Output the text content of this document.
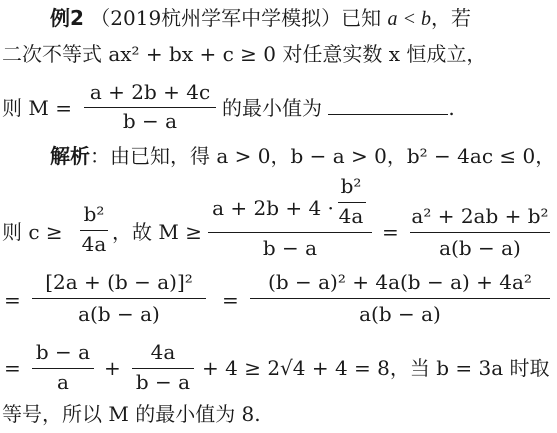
例2 （2019杭州学军中学模拟）已知 a < b，若
二次不等式 ax² + bx + c ≥ 0 对任意实数 x 恒成立，
则 M =
a + 2b + 4c
b − a
的最小值为	.
解析：由已知，得 a > 0，b − a > 0，b² − 4ac ≤ 0，
则 c ≥
b²
4a ，故 M ≥
a + 2b + 4 ·
b²
4a
b − a
=
a² + 2ab + b²
a(b − a)
=
[2a + (b − a)]²
a(b − a)
=
(b − a)² + 4a(b − a) + 4a²
a(b − a)
=
b − a
a
+
4a
b − a
+ 4 ≥ 2√4 + 4 = 8，当 b = 3a 时取
等号，所以 M 的最小值为 8.
